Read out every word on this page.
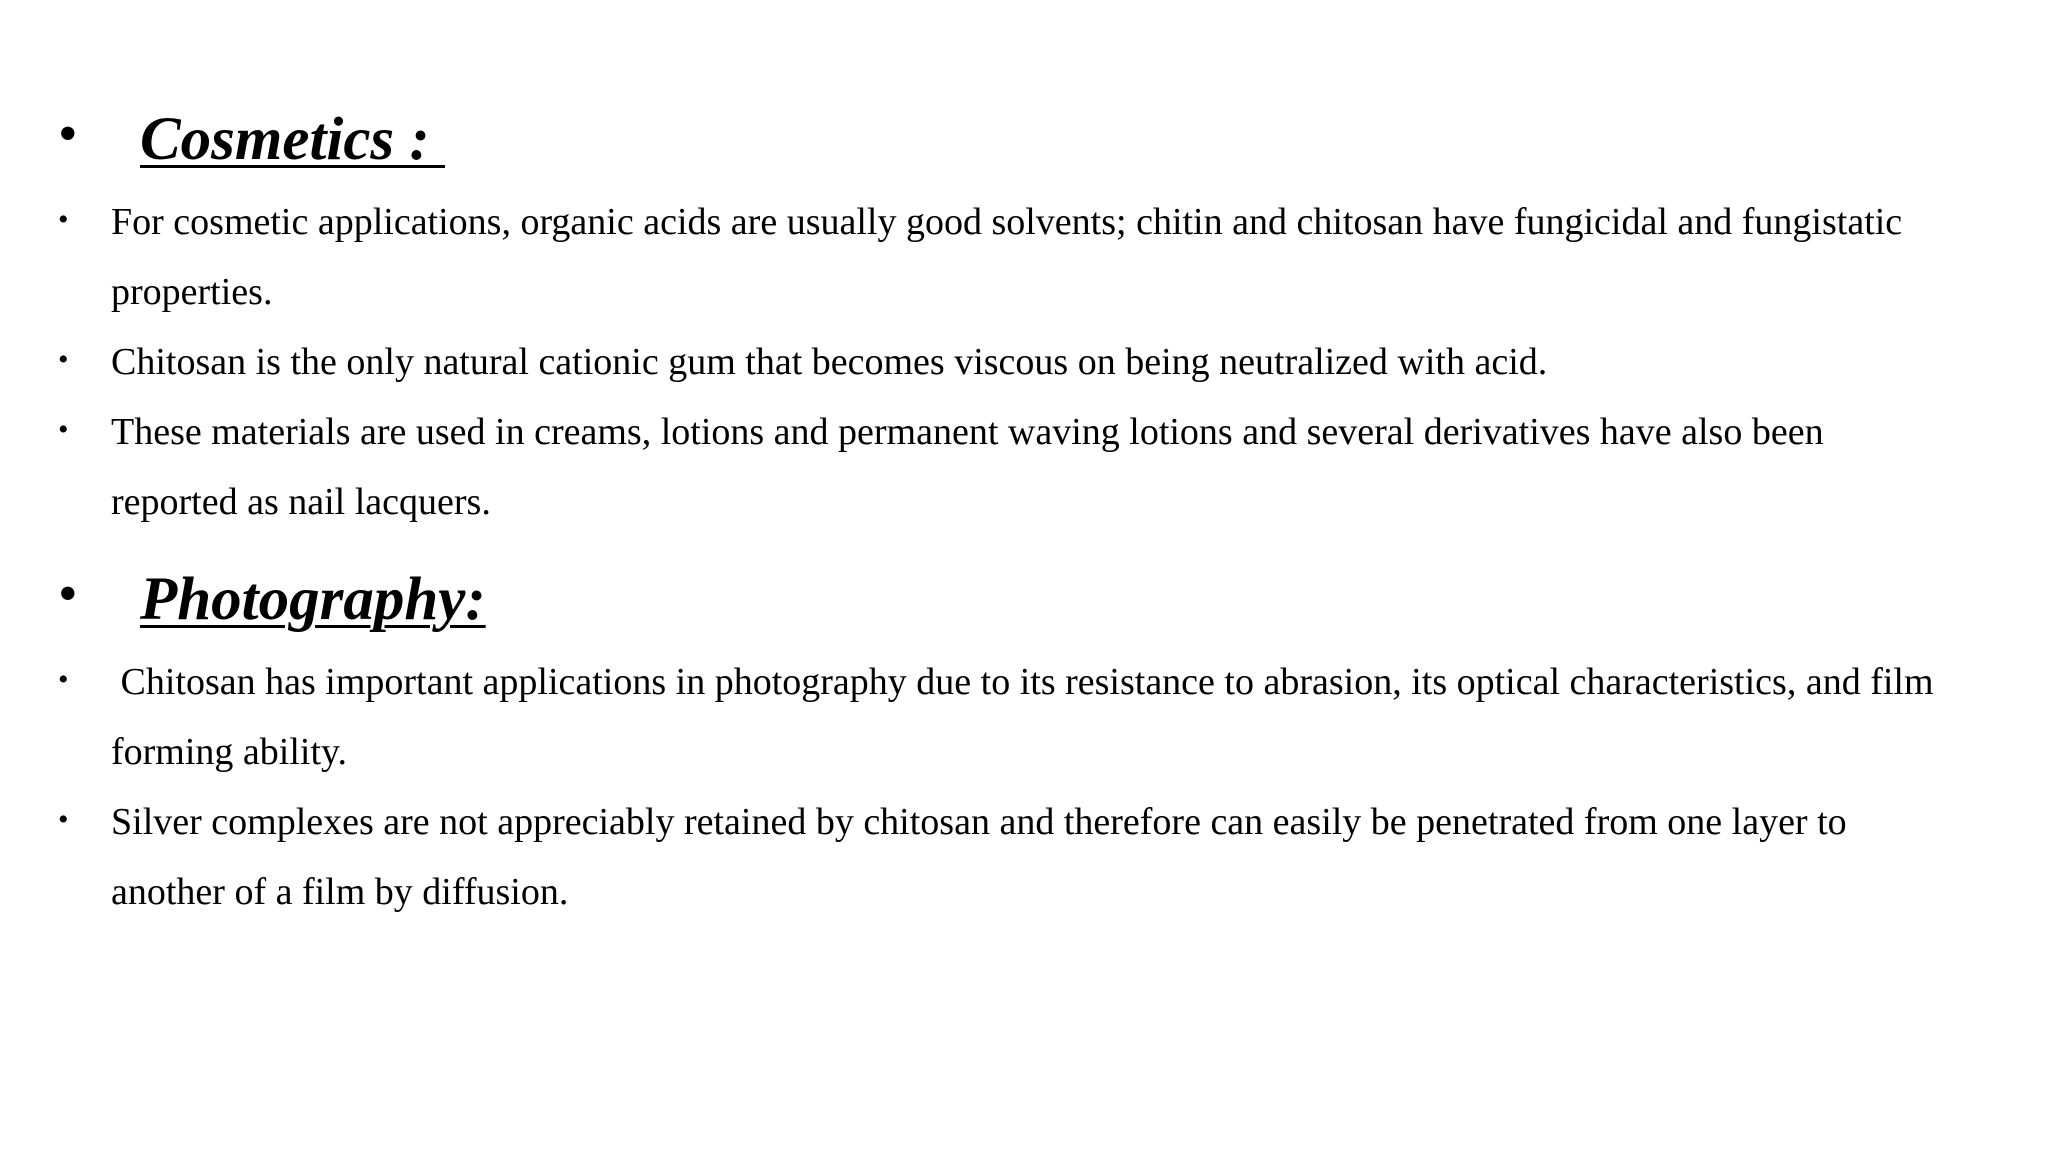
• Cosmetics :
• For cosmetic applications, organic acids are usually good solvents; chitin and chitosan have fungicidal and fungistatic

properties.

• Chitosan is the only natural cationic gum that becomes viscous on being neutralized with acid.

• These materials are used in creams, lotions and permanent waving lotions and several derivatives have also been

reported as nail lacquers.

• Photography:
• Chitosan has important applications in photography due to its resistance to abrasion, its optical characteristics, and film

forming ability.

• Silver complexes are not appreciably retained by chitosan and therefore can easily be penetrated from one layer to

another of a film by diffusion.
